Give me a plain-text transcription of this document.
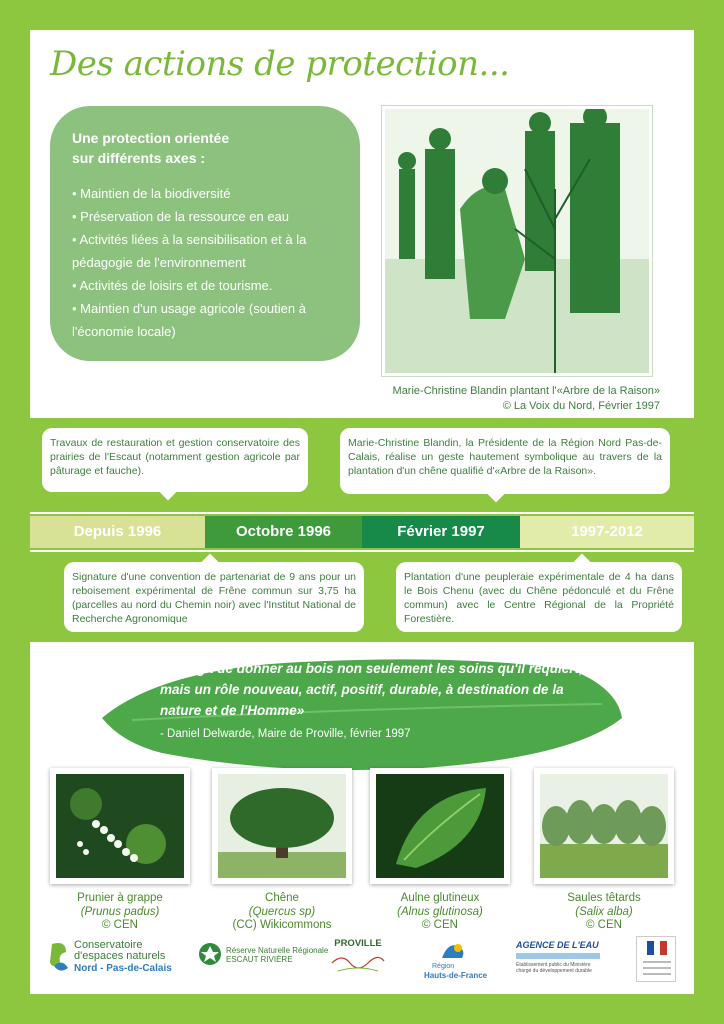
Des actions de protection...
Une protection orientée
sur différents axes :
• Maintien de la biodiversité
• Préservation de la ressource en eau
• Activités liées à la sensibilisation et à la pédagogie de l'environnement
• Activités de loisirs et de tourisme.
• Maintien d'un usage agricole (soutien à l'économie locale)
Marie-Christine Blandin plantant l'«Arbre de la Raison»
© La Voix du Nord, Février 1997
Travaux de restauration et gestion conservatoire des prairies de l'Escaut (notamment gestion agricole par pâturage et fauche).
Marie-Christine Blandin, la Présidente de la Région Nord Pas-de-Calais, réalise un geste hautement symbolique au travers de la plantation d'un chêne qualifié d'«Arbre de la Raison».
Depuis 1996	Octobre 1996	Février 1997	1997-2012
Signature d'une convention de partenariat de 9 ans pour un reboisement expérimental de Frêne commun sur 3,75 ha (parcelles au nord du Chemin noir) avec l'Institut National de Recherche Agronomique
Plantation d'une peupleraie expérimentale de 4 ha dans le Bois Chenu (avec du Chêne pédonculé et du Frêne commun) avec le Centre Régional de la Propriété Forestière.
«Il s'agit de donner au bois non seulement les soins qu'il requiert, mais un rôle nouveau, actif, positif, durable, à destination de la nature et de l'Homme»
- Daniel Delwarde, Maire de Proville, février 1997
Prunier à grappe
(Prunus padus)
© CEN
Chêne
(Quercus sp)
(CC) Wikicommons
Aulne glutineux
(Alnus glutinosa)
© CEN
Saules têtards
(Salix alba)
© CEN
Conservatoire
d'espaces naturels
Nord - Pas-de-Calais
Réserve Naturelle Régionale
ESCAUT RIVIÈRE
PROVILLE
Région
Hauts-de-France
AGENCE DE L'EAU
Établissement public du Ministère chargé du développement durable
